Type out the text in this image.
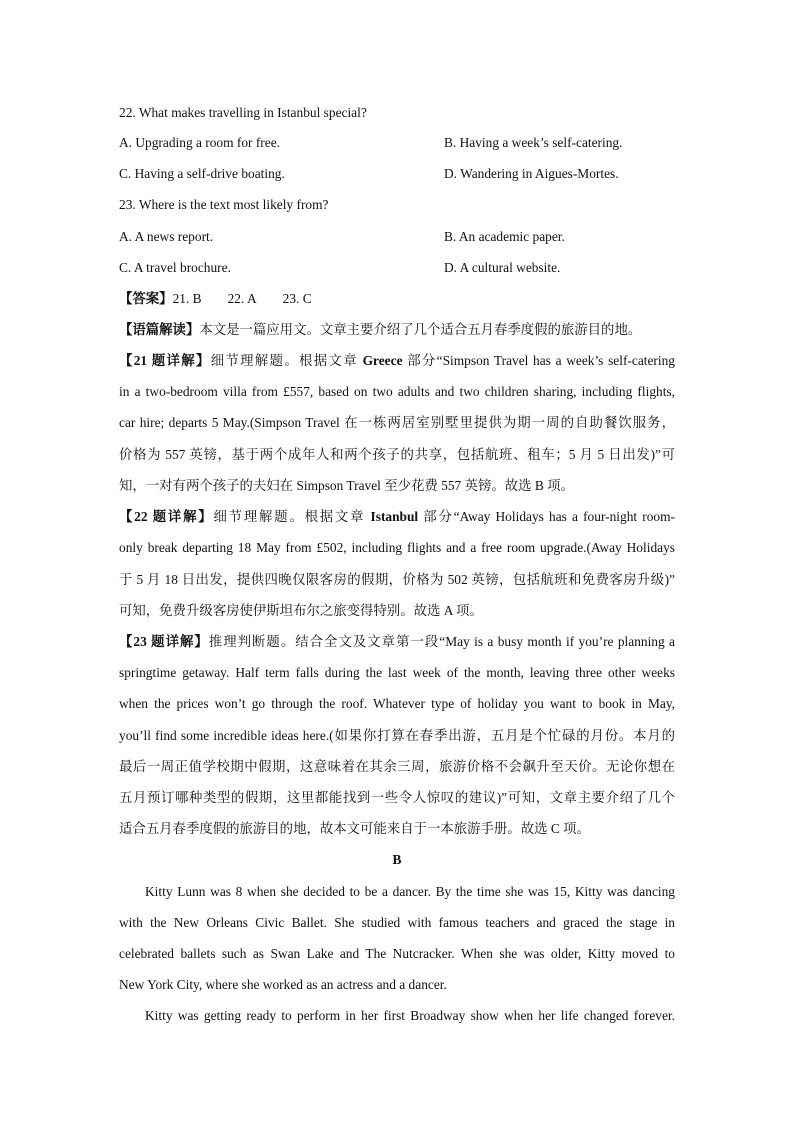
22. What makes travelling in Istanbul special?
A. Upgrading a room for free.	B. Having a week’s self-catering.
C. Having a self-drive boating.	D. Wandering in Aigues-Mortes.
23. Where is the text most likely from?
A. A news report.	B. An academic paper.
C. A travel brochure.	D. A cultural website.
【答案】21. B 22. A 23. C
【语篇解读】本文是一篇应用文。文章主要介绍了几个适合五月春季度假的旅游目的地。
【21 题详解】细节理解题。根据文章 Greece 部分“Simpson Travel has a week’s self-catering
in a two-bedroom villa from £557, based on two adults and two children sharing, including flights,
car hire; departs 5 May.(Simpson Travel 在一栋两居室别墅里提供为期一周的自助餐饮服务，
价格为 557 英镑，基于两个成年人和两个孩子的共享，包括航班、租车；5 月 5 日出发)”可
知，一对有两个孩子的夫妇在 Simpson Travel 至少花费 557 英镑。故选 B 项。
【22 题详解】细节理解题。根据文章 Istanbul 部分“Away Holidays has a four-night room-
only break departing 18 May from £502, including flights and a free room upgrade.(Away Holidays
于 5 月 18 日出发，提供四晚仅限客房的假期，价格为 502 英镑，包括航班和免费客房升级)”
可知，免费升级客房使伊斯坦布尔之旅变得特别。故选 A 项。
【23 题详解】推理判断题。结合全文及文章第一段“May is a busy month if you’re planning a
springtime getaway. Half term falls during the last week of the month, leaving three other weeks
when the prices won’t go through the roof. Whatever type of holiday you want to book in May,
you’ll find some incredible ideas here.(如果你打算在春季出游，五月是个忙碌的月份。本月的
最后一周正值学校期中假期，这意味着在其余三周，旅游价格不会飙升至天价。无论你想在
五月预订哪种类型的假期，这里都能找到一些令人惊叹的建议)”可知，文章主要介绍了几个
适合五月春季度假的旅游目的地，故本文可能来自于一本旅游手册。故选 C 项。
B
Kitty Lunn was 8 when she decided to be a dancer. By the time she was 15, Kitty was dancing
with the New Orleans Civic Ballet. She studied with famous teachers and graced the stage in
celebrated ballets such as Swan Lake and The Nutcracker. When she was older, Kitty moved to
New York City, where she worked as an actress and a dancer.
Kitty was getting ready to perform in her first Broadway show when her life changed forever.
